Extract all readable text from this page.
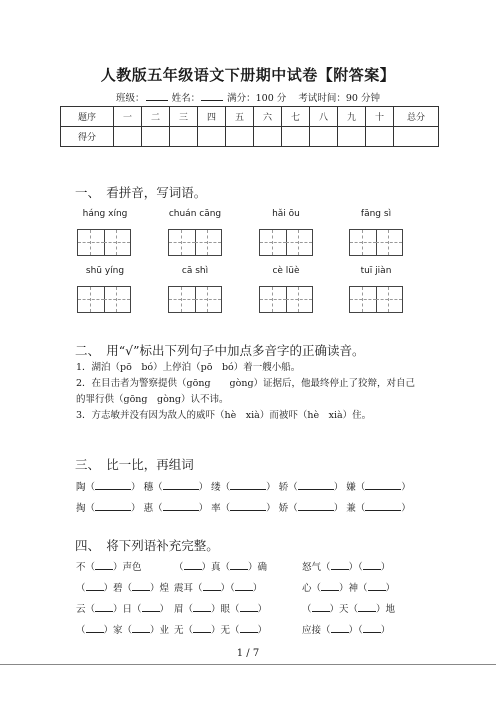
人教版五年级语文下册期中试卷【附答案】
班级：	姓名：	满分：100 分 考试时间：90 分钟
题序	一	二	三	四	五	六	七	八	九	十	总分
得分											
一、　看拼音，写词语。
háng xíng	chuán cāng	hǎi ōu	fāng sì
shū yíng	cā shì	cè lüè	tuī jiàn
二、　用“√”标出下列句子中加点多音字的正确读音。
1．湖泊（pō　bó）上停泊（pō　bó）着一艘小船。
2．在目击者为警察提供（gōng　　gòng）证据后，他最终停止了狡辩，对自己
的罪行供（gōng　gòng）认不讳。
3．方志敏并没有因为敌人的威吓（hè　xià）而被吓（hè　xià）住。
三、　比一比，再组词
陶（	） 穗（	） 缕（	） 轿（	） 嫌（	）
掏（	） 惠（	） 率（	） 娇（	） 兼（	）
四、　将下列语补充完整。
不（ ）声色	（ ）真（ ）确	怒气（ ）（ ）
（ ）碧（ ）煌 震耳（ ）（ ）	心（ ）神（ ）
云（ ）日（ ） 眉（ ）眼（ ）	（ ）天（ ）地
（ ）家（ ）业 无（ ）无（ ）	应接（ ）（ ）
1 / 7
